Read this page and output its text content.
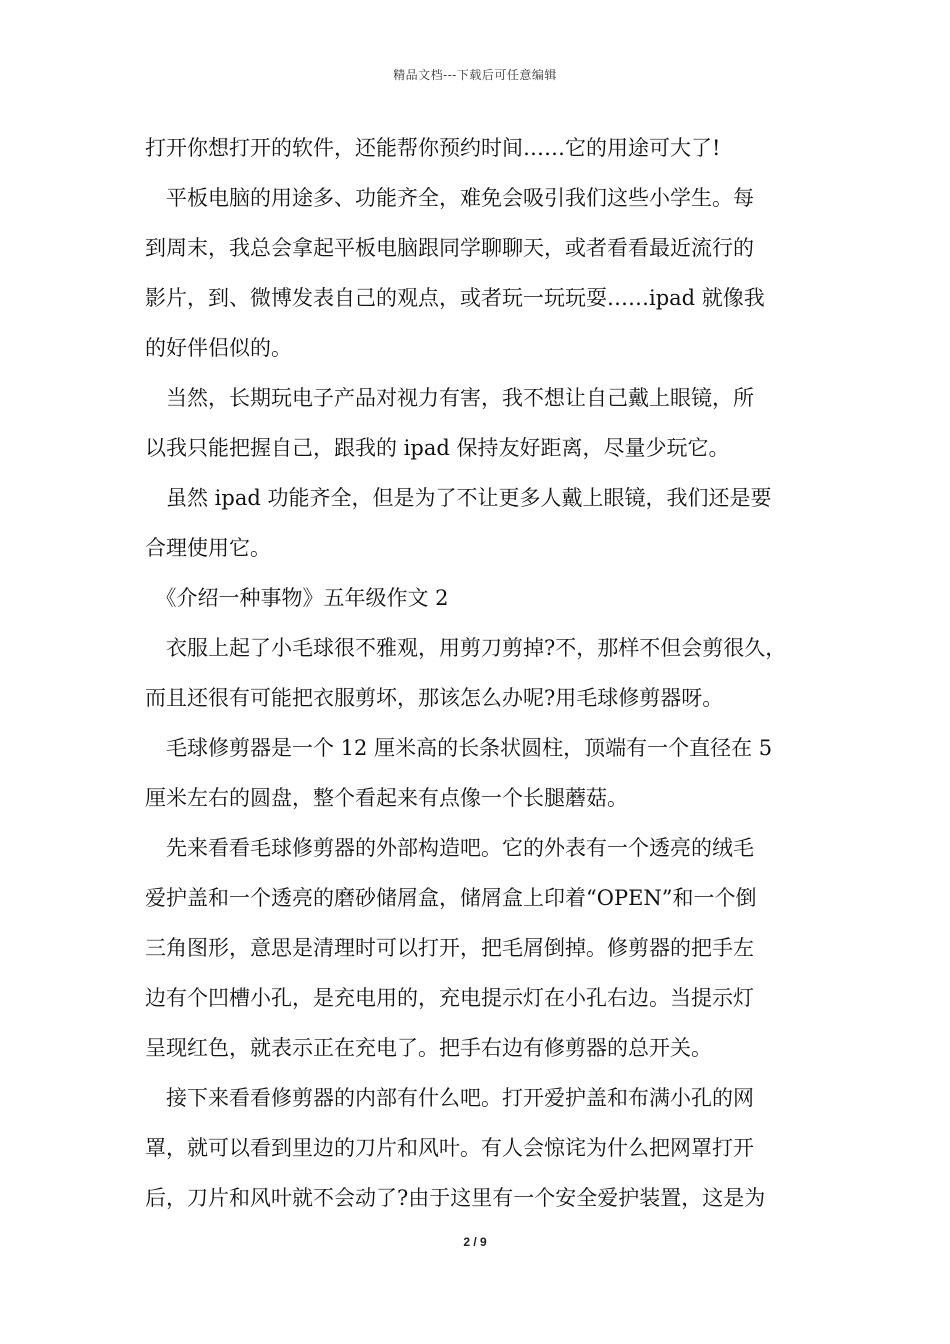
精品文档---下载后可任意编辑
打开你想打开的软件，还能帮你预约时间……它的用途可大了!
　平板电脑的用途多、功能齐全，难免会吸引我们这些小学生。每
到周末，我总会拿起平板电脑跟同学聊聊天，或者看看最近流行的
影片，到、微博发表自己的观点，或者玩一玩玩耍……ipad 就像我
的好伴侣似的。
　当然，长期玩电子产品对视力有害，我不想让自己戴上眼镜，所
以我只能把握自己，跟我的 ipad 保持友好距离，尽量少玩它。
　虽然 ipad 功能齐全，但是为了不让更多人戴上眼镜，我们还是要
合理使用它。
　《介绍一种事物》五年级作文 2
　衣服上起了小毛球很不雅观，用剪刀剪掉?不，那样不但会剪很久，
而且还很有可能把衣服剪坏，那该怎么办呢?用毛球修剪器呀。
　毛球修剪器是一个 12 厘米高的长条状圆柱，顶端有一个直径在 5
厘米左右的圆盘，整个看起来有点像一个长腿蘑菇。
　先来看看毛球修剪器的外部构造吧。它的外表有一个透亮的绒毛
爱护盖和一个透亮的磨砂储屑盒，储屑盒上印着“OPEN”和一个倒
三角图形，意思是清理时可以打开，把毛屑倒掉。修剪器的把手左
边有个凹槽小孔，是充电用的，充电提示灯在小孔右边。当提示灯
呈现红色，就表示正在充电了。把手右边有修剪器的总开关。
　接下来看看修剪器的内部有什么吧。打开爱护盖和布满小孔的网
罩，就可以看到里边的刀片和风叶。有人会惊诧为什么把网罩打开
后，刀片和风叶就不会动了?由于这里有一个安全爱护装置，这是为
2 / 9
